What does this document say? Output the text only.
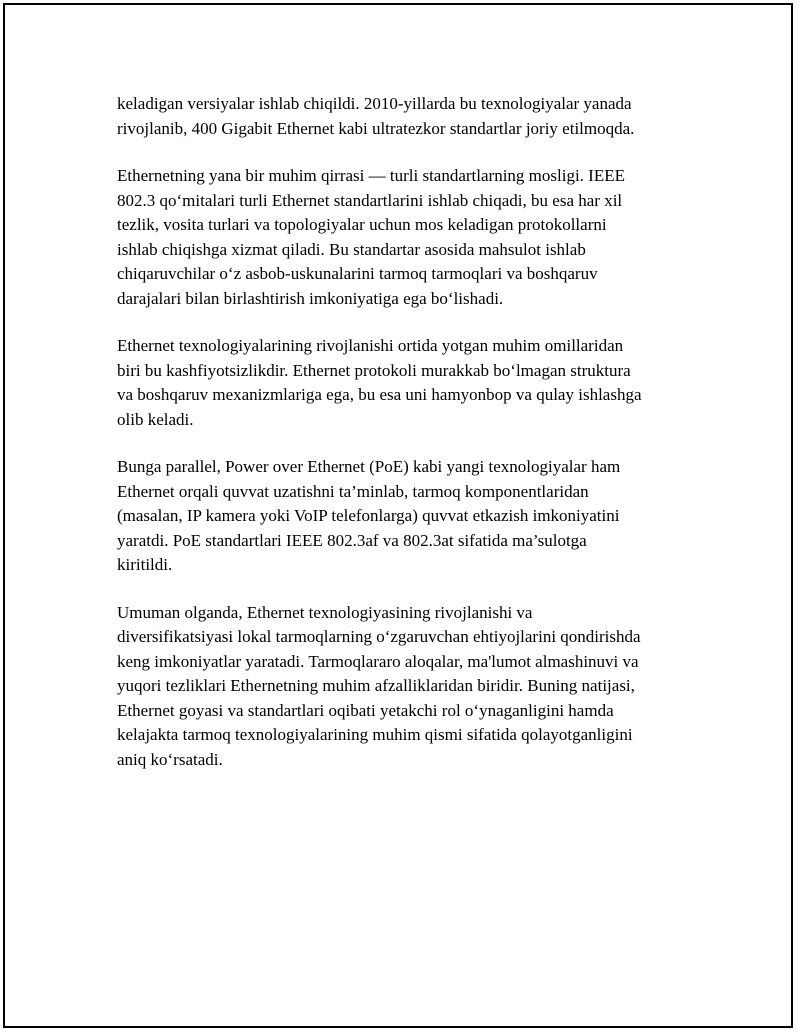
keladigan versiyalar ishlab chiqildi. 2010-yillarda bu texnologiyalar yanada
rivojlanib, 400 Gigabit Ethernet kabi ultratezkor standartlar joriy etilmoqda.

Ethernetning yana bir muhim qirrasi — turli standartlarning mosligi. IEEE
802.3 qo‘mitalari turli Ethernet standartlarini ishlab chiqadi, bu esa har xil
tezlik, vosita turlari va topologiyalar uchun mos keladigan protokollarni
ishlab chiqishga xizmat qiladi. Bu standartar asosida mahsulot ishlab
chiqaruvchilar o‘z asbob-uskunalarini tarmoq tarmoqlari va boshqaruv
darajalari bilan birlashtirish imkoniyatiga ega bo‘lishadi.

Ethernet texnologiyalarining rivojlanishi ortida yotgan muhim omillaridan
biri bu kashfiyotsizlikdir. Ethernet protokoli murakkab bo‘lmagan struktura
va boshqaruv mexanizmlariga ega, bu esa uni hamyonbop va qulay ishlashga
olib keladi.

Bunga parallel, Power over Ethernet (PoE) kabi yangi texnologiyalar ham
Ethernet orqali quvvat uzatishni ta’minlab, tarmoq komponentlaridan
(masalan, IP kamera yoki VoIP telefonlarga) quvvat etkazish imkoniyatini
yaratdi. PoE standartlari IEEE 802.3af va 802.3at sifatida ma’sulotga
kiritildi.

Umuman olganda, Ethernet texnologiyasining rivojlanishi va
diversifikatsiyasi lokal tarmoqlarning o‘zgaruvchan ehtiyojlarini qondirishda
keng imkoniyatlar yaratadi. Tarmoqlararo aloqalar, ma'lumot almashinuvi va
yuqori tezliklari Ethernetning muhim afzalliklaridan biridir. Buning natijasi,
Ethernet goyasi va standartlari oqibati yetakchi rol o‘ynaganligini hamda
kelajakta tarmoq texnologiyalarining muhim qismi sifatida qolayotganligini
aniq ko‘rsatadi.
